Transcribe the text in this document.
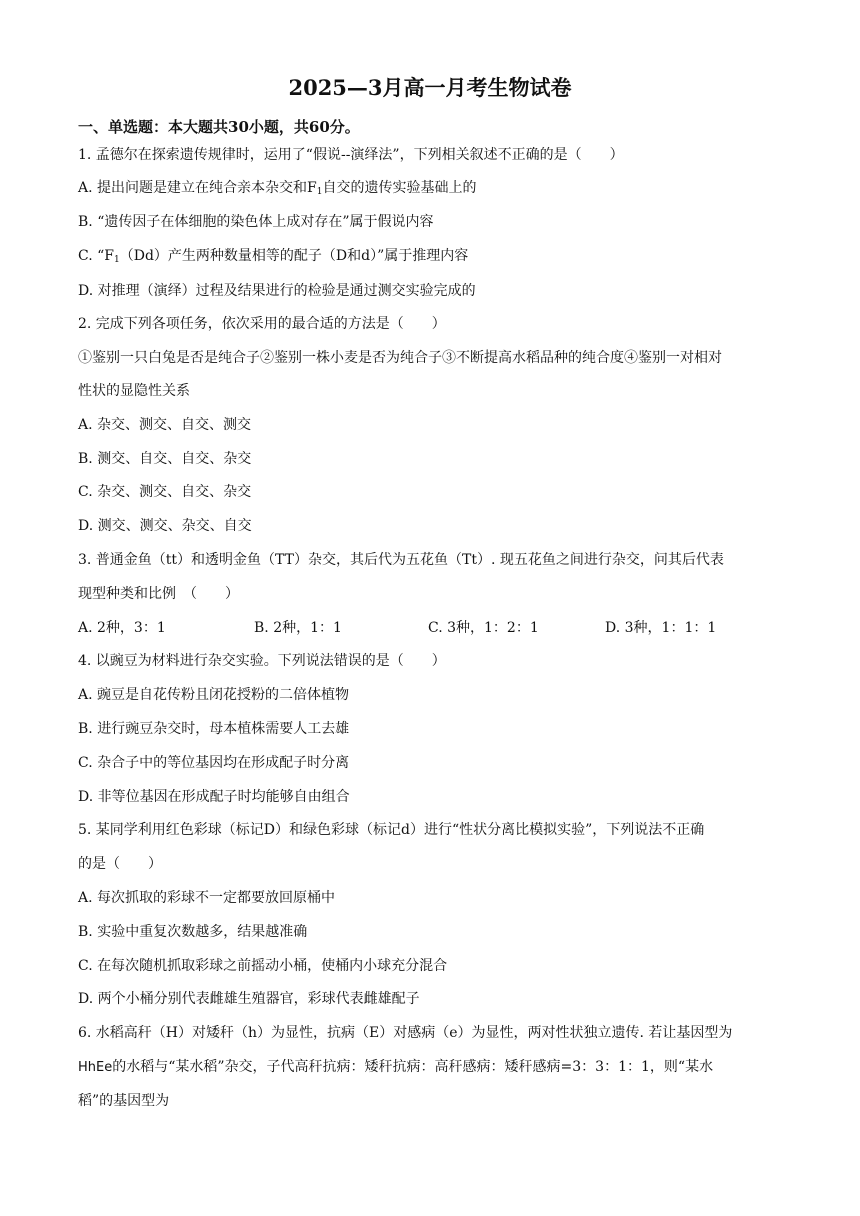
2025—3月高一月考生物试卷
一、单选题：本大题共30小题，共60分。
1. 孟德尔在探索遗传规律时，运用了“假说--演绎法”，下列相关叙述不正确的是（　　）
A. 提出问题是建立在纯合亲本杂交和$F_1$自交的遗传实验基础上的
B. “遗传因子在体细胞的染色体上成对存在”属于假说内容
C. “$F_1(Dd)$产生两种数量相等的配子（D和d）”属于推理内容
D. 对推理（演绎）过程及结果进行的检验是通过测交实验完成的
2. 完成下列各项任务，依次采用的最合适的方法是（　　）
①鉴别一只白兔是否是纯合子②鉴别一株小麦是否为纯合子③不断提高水稻品种的纯合度④鉴别一对相对
性状的显隐性关系
A. 杂交、测交、自交、测交
B. 测交、自交、自交、杂交
C. 杂交、测交、自交、杂交
D. 测交、测交、杂交、自交
3. 普通金鱼（tt）和透明金鱼（TT）杂交，其后代为五花鱼（Tt）. 现五花鱼之间进行杂交，问其后代表
现型种类和比例　（　　）
A. 2种，3：1	B. 2种，1：1	C. 3种，1：2：1	D. 3种，1：1：1
4. 以豌豆为材料进行杂交实验。下列说法错误的是（　　）
A. 豌豆是自花传粉且闭花授粉的二倍体植物
B. 进行豌豆杂交时，母本植株需要人工去雄
C. 杂合子中的等位基因均在形成配子时分离
D. 非等位基因在形成配子时均能够自由组合
5. 某同学利用红色彩球（标记D）和绿色彩球（标记d）进行“性状分离比模拟实验”，下列说法不正确
的是（　　）
A. 每次抓取的彩球不一定都要放回原桶中
B. 实验中重复次数越多，结果越准确
C. 在每次随机抓取彩球之前摇动小桶，使桶内小球充分混合
D. 两个小桶分别代表雌雄生殖器官，彩球代表雌雄配子
6. 水稻高秆（H）对矮秆（h）为显性，抗病（E）对感病（e）为显性，两对性状独立遗传. 若让基因型为
HhEe的水稻与“某水稻”杂交，子代高秆抗病：矮秆抗病：高秆感病：矮秆感病=3：3：1：1，则“某水
稻”的基因型为
